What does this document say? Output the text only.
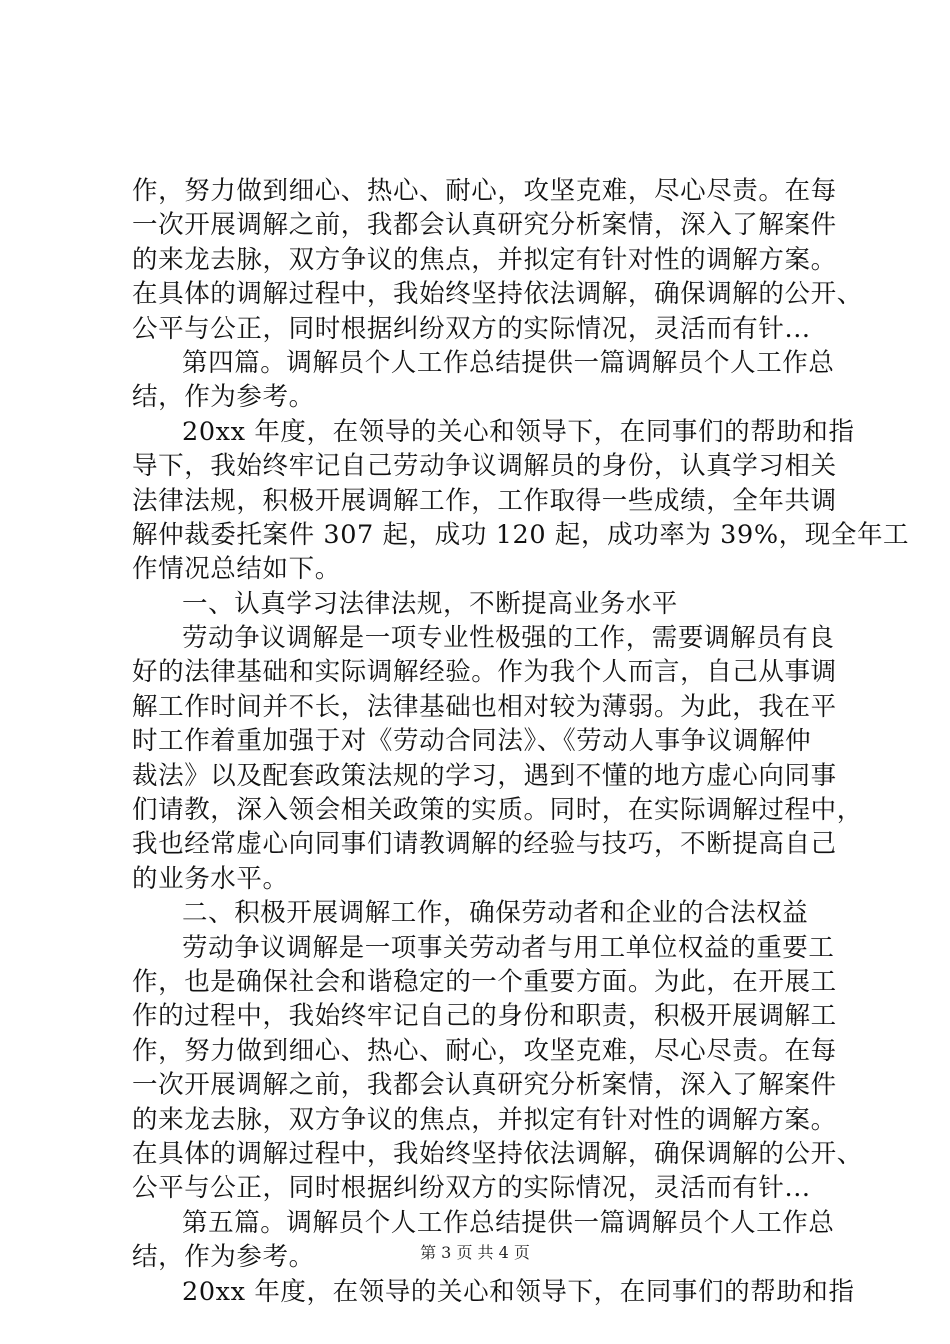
作，努力做到细心、热心、耐心，攻坚克难，尽心尽责。在每
一次开展调解之前，我都会认真研究分析案情，深入了解案件
的来龙去脉，双方争议的焦点，并拟定有针对性的调解方案。
在具体的调解过程中，我始终坚持依法调解，确保调解的公开、
公平与公正，同时根据纠纷双方的实际情况，灵活而有针...
第四篇。调解员个人工作总结提供一篇调解员个人工作总
结，作为参考。
20xx 年度，在领导的关心和领导下，在同事们的帮助和指
导下，我始终牢记自己劳动争议调解员的身份，认真学习相关
法律法规，积极开展调解工作，工作取得一些成绩，全年共调
解仲裁委托案件 307 起，成功 120 起，成功率为 39%，现全年工
作情况总结如下。
一、认真学习法律法规，不断提高业务水平
劳动争议调解是一项专业性极强的工作，需要调解员有良
好的法律基础和实际调解经验。作为我个人而言，自己从事调
解工作时间并不长，法律基础也相对较为薄弱。为此，我在平
时工作着重加强于对《劳动合同法》、《劳动人事争议调解仲
裁法》以及配套政策法规的学习，遇到不懂的地方虚心向同事
们请教，深入领会相关政策的实质。同时，在实际调解过程中，
我也经常虚心向同事们请教调解的经验与技巧，不断提高自己
的业务水平。
二、积极开展调解工作，确保劳动者和企业的合法权益
劳动争议调解是一项事关劳动者与用工单位权益的重要工
作，也是确保社会和谐稳定的一个重要方面。为此，在开展工
作的过程中，我始终牢记自己的身份和职责，积极开展调解工
作，努力做到细心、热心、耐心，攻坚克难，尽心尽责。在每
一次开展调解之前，我都会认真研究分析案情，深入了解案件
的来龙去脉，双方争议的焦点，并拟定有针对性的调解方案。
在具体的调解过程中，我始终坚持依法调解，确保调解的公开、
公平与公正，同时根据纠纷双方的实际情况，灵活而有针...
第五篇。调解员个人工作总结提供一篇调解员个人工作总
结，作为参考。
20xx 年度，在领导的关心和领导下，在同事们的帮助和指
第 3 页 共 4 页
